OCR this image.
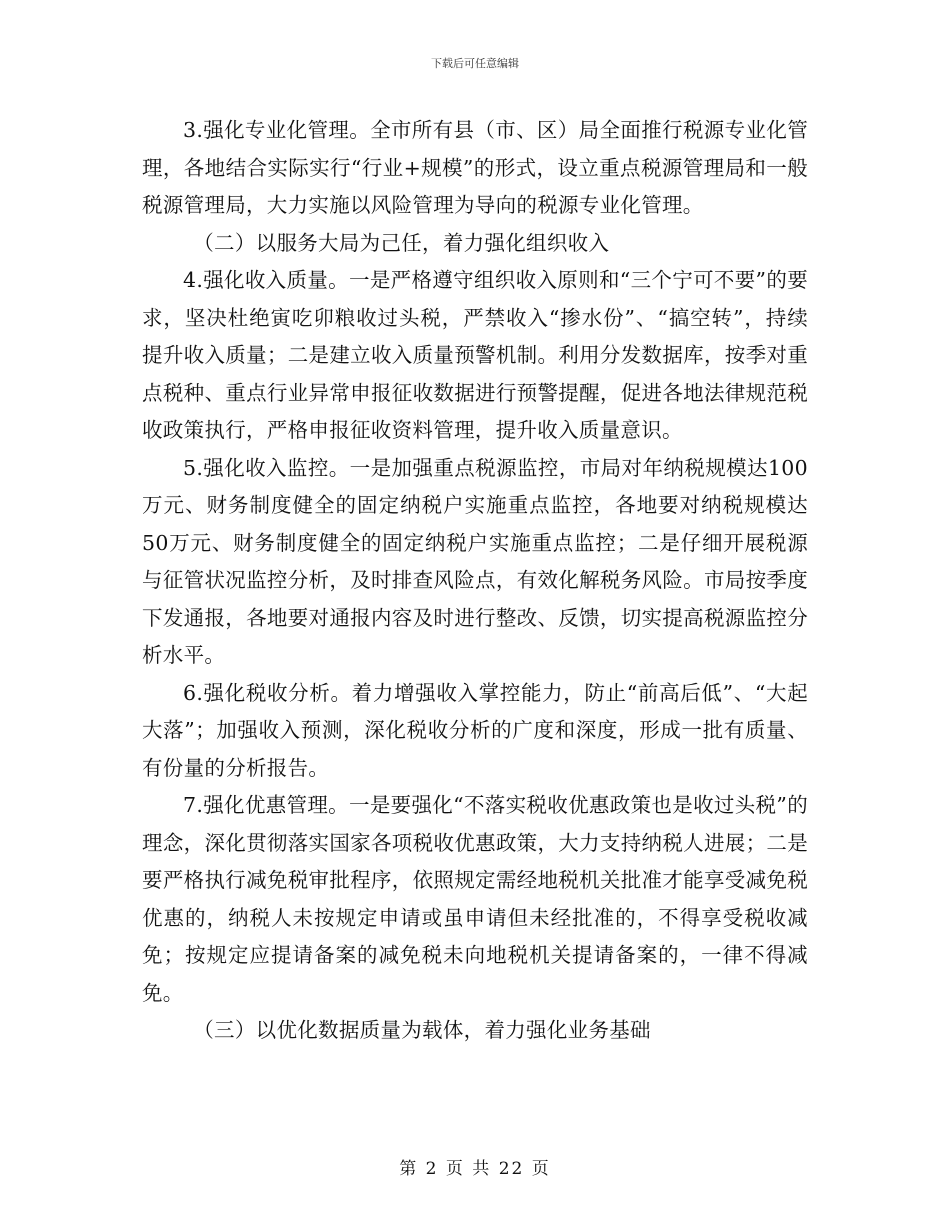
下载后可任意编辑

3.强化专业化管理。全市所有县（市、区）局全面推行税源专业化管理，各地结合实际实行“行业+规模”的形式，设立重点税源管理局和一般税源管理局，大力实施以风险管理为导向的税源专业化管理。

（二）以服务大局为己任，着力强化组织收入

4.强化收入质量。一是严格遵守组织收入原则和“三个宁可不要”的要求，坚决杜绝寅吃卯粮收过头税，严禁收入“掺水份”、“搞空转”，持续提升收入质量；二是建立收入质量预警机制。利用分发数据库，按季对重点税种、重点行业异常申报征收数据进行预警提醒，促进各地法律规范税收政策执行，严格申报征收资料管理，提升收入质量意识。

5.强化收入监控。一是加强重点税源监控，市局对年纳税规模达100万元、财务制度健全的固定纳税户实施重点监控，各地要对纳税规模达50万元、财务制度健全的固定纳税户实施重点监控；二是仔细开展税源与征管状况监控分析，及时排查风险点，有效化解税务风险。市局按季度下发通报，各地要对通报内容及时进行整改、反馈，切实提高税源监控分析水平。

6.强化税收分析。着力增强收入掌控能力，防止“前高后低”、“大起大落”；加强收入预测，深化税收分析的广度和深度，形成一批有质量、有份量的分析报告。

7.强化优惠管理。一是要强化“不落实税收优惠政策也是收过头税”的理念，深化贯彻落实国家各项税收优惠政策，大力支持纳税人进展；二是要严格执行减免税审批程序，依照规定需经地税机关批准才能享受减免税优惠的，纳税人未按规定申请或虽申请但未经批准的，不得享受税收减免；按规定应提请备案的减免税未向地税机关提请备案的，一律不得减免。

（三）以优化数据质量为载体，着力强化业务基础

第 2 页 共 22 页
